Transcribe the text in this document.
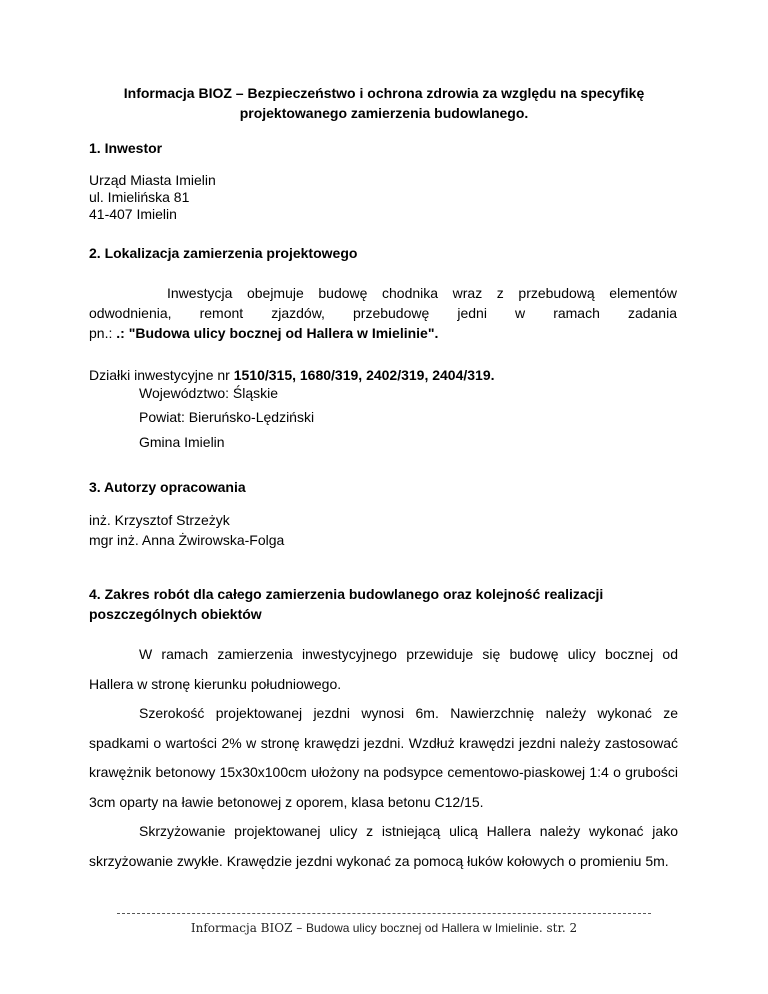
Informacja BIOZ – Bezpieczeństwo i ochrona zdrowia za względu na specyfikę
projektowanego zamierzenia budowlanego.

1. Inwestor

Urząd Miasta Imielin

ul. Imielińska 81

41-407 Imielin

2. Lokalizacja zamierzenia projektowego

Inwestycja obejmuje budowę chodnika wraz z przebudową elementów

odwodnienia, remont zjazdów, przebudowę jedni w ramach zadania

pn.: .: "Budowa ulicy bocznej od Hallera w Imielinie".

Działki inwestycyjne nr 1510/315, 1680/319, 2402/319, 2404/319.

Województwo: Śląskie

Powiat: Bieruńsko-Lędziński

Gmina Imielin

3. Autorzy opracowania

inż. Krzysztof Strzeżyk

mgr inż. Anna Żwirowska-Folga

4. Zakres robót dla całego zamierzenia budowlanego oraz kolejność realizacji
poszczególnych obiektów

W ramach zamierzenia inwestycyjnego przewiduje się budowę ulicy bocznej od Hallera w stronę kierunku południowego.

Szerokość projektowanej jezdni wynosi 6m. Nawierzchnię należy wykonać ze spadkami o wartości 2% w stronę krawędzi jezdni. Wzdłuż krawędzi jezdni należy zastosować krawężnik betonowy 15x30x100cm ułożony na podsypce cementowo-piaskowej 1:4 o grubości 3cm oparty na ławie betonowej z oporem, klasa betonu C12/15.

Skrzyżowanie projektowanej ulicy z istniejącą ulicą Hallera należy wykonać jako skrzyżowanie zwykłe. Krawędzie jezdni wykonać za pomocą łuków kołowych o promieniu 5m.

Informacja BIOZ – Budowa ulicy bocznej od Hallera w Imielinie. str. 2
